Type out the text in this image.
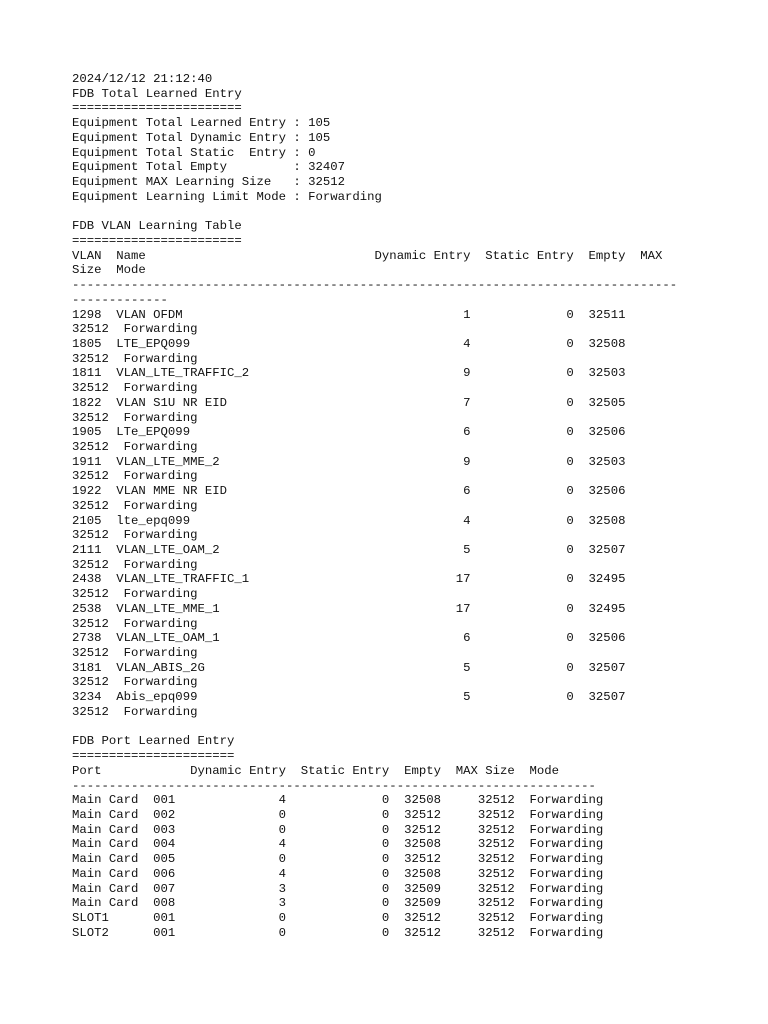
2024/12/12 21:12:40
FDB Total Learned Entry
=======================
Equipment Total Learned Entry : 105
Equipment Total Dynamic Entry : 105
Equipment Total Static  Entry : 0
Equipment Total Empty         : 32407
Equipment MAX Learning Size   : 32512
Equipment Learning Limit Mode : Forwarding
FDB VLAN Learning Table
=======================
VLAN  Name                               Dynamic Entry  Static Entry  Empty  MAX
Size  Mode
----------------------------------------------------------------------------------
-------------
1298  VLAN OFDM                                      1             0  32511
32512  Forwarding
1805  LTE_EPQ099                                     4             0  32508
32512  Forwarding
1811  VLAN_LTE_TRAFFIC_2                             9             0  32503
32512  Forwarding
1822  VLAN S1U NR EID                                7             0  32505
32512  Forwarding
1905  LTe_EPQ099                                     6             0  32506
32512  Forwarding
1911  VLAN_LTE_MME_2                                 9             0  32503
32512  Forwarding
1922  VLAN MME NR EID                                6             0  32506
32512  Forwarding
2105  lte_epq099                                     4             0  32508
32512  Forwarding
2111  VLAN_LTE_OAM_2                                 5             0  32507
32512  Forwarding
2438  VLAN_LTE_TRAFFIC_1                            17             0  32495
32512  Forwarding
2538  VLAN_LTE_MME_1                                17             0  32495
32512  Forwarding
2738  VLAN_LTE_OAM_1                                 6             0  32506
32512  Forwarding
3181  VLAN_ABIS_2G                                   5             0  32507
32512  Forwarding
3234  Abis_epq099                                    5             0  32507
32512  Forwarding
FDB Port Learned Entry
======================
Port            Dynamic Entry  Static Entry  Empty  MAX Size  Mode
-----------------------------------------------------------------------
Main Card  001              4             0  32508     32512  Forwarding
Main Card  002              0             0  32512     32512  Forwarding
Main Card  003              0             0  32512     32512  Forwarding
Main Card  004              4             0  32508     32512  Forwarding
Main Card  005              0             0  32512     32512  Forwarding
Main Card  006              4             0  32508     32512  Forwarding
Main Card  007              3             0  32509     32512  Forwarding
Main Card  008              3             0  32509     32512  Forwarding
SLOT1      001              0             0  32512     32512  Forwarding
SLOT2      001              0             0  32512     32512  Forwarding
